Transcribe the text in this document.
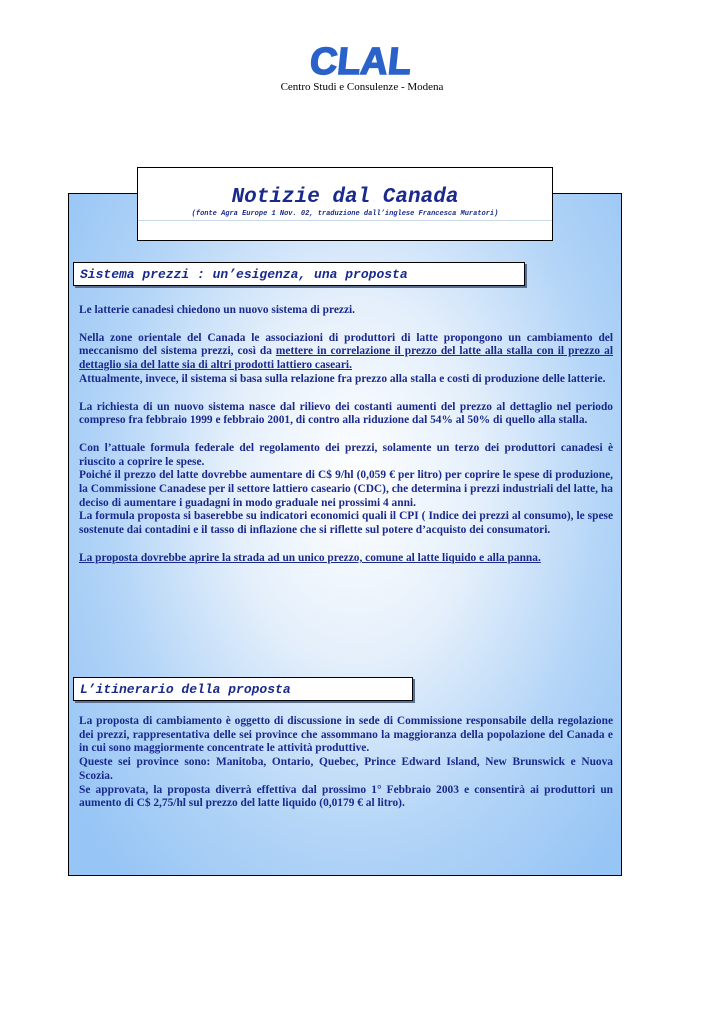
CLAL
Centro Studi e Consulenze - Modena
Notizie dal Canada
(fonte Agra Europe 1 Nov. 02, traduzione dall’inglese Francesca Muratori)
Sistema prezzi : un’esigenza, una proposta

Le latterie canadesi chiedono un nuovo sistema di prezzi.

Nella zone orientale del Canada le associazioni di produttori di latte propongono un cambiamento del meccanismo del sistema prezzi, così da mettere in correlazione il prezzo del latte alla stalla con il prezzo al dettaglio sia del latte sia di altri prodotti lattiero caseari.

Attualmente, invece, il sistema si basa sulla relazione fra prezzo alla stalla e costi di produzione delle latterie.

La richiesta di un nuovo sistema nasce dal rilievo dei costanti aumenti del prezzo al dettaglio nel periodo compreso fra febbraio 1999 e febbraio 2001, di contro alla riduzione dal 54% al 50% di quello alla stalla.

Con l’attuale formula federale del regolamento dei prezzi, solamente un terzo dei produttori canadesi è riuscito a coprire le spese.

Poiché il prezzo del latte dovrebbe aumentare di C$ 9/hl (0,059 € per litro) per coprire le spese di produzione, la Commissione Canadese per il settore lattiero caseario (CDC), che determina i prezzi industriali del latte, ha deciso di aumentare i guadagni in modo graduale nei prossimi 4 anni.

La formula proposta si baserebbe su indicatori economici quali il CPI ( Indice dei prezzi al consumo), le spese sostenute dai contadini e il tasso di inflazione che si riflette sul potere d’acquisto dei consumatori.

La proposta dovrebbe aprire la strada ad un unico prezzo, comune al latte liquido e alla panna.

L’itinerario della proposta

La proposta di cambiamento è oggetto di discussione in sede di Commissione responsabile della regolazione dei prezzi, rappresentativa delle sei province che assommano la maggioranza della popolazione del Canada e in cui sono maggiormente concentrate le attività produttive.

Queste sei province sono: Manitoba, Ontario, Quebec, Prince Edward Island, New Brunswick e Nuova Scozia.

Se approvata, la proposta diverrà effettiva dal prossimo 1° Febbraio 2003 e consentirà ai produttori un aumento di C$ 2,75/hl sul prezzo del latte liquido (0,0179 € al litro).
